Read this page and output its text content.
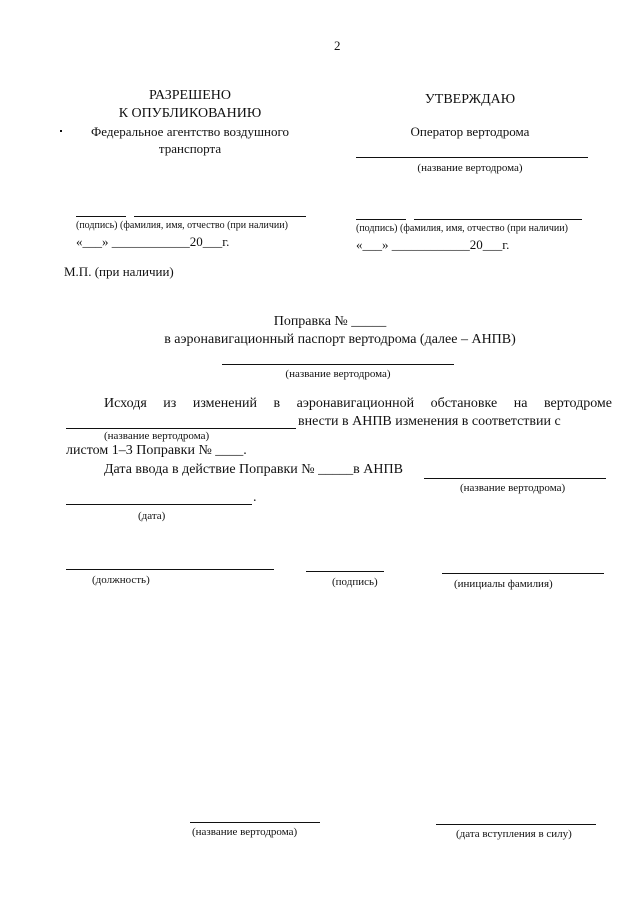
2
РАЗРЕШЕНО
К ОПУБЛИКОВАНИЮ
Федеральное агентство воздушного
транспорта
(подпись) (фамилия, имя, отчество (при наличии)
«___» ____________20___г.
УТВЕРЖДАЮ
Оператор вертодрома
(название вертодрома)
(подпись) (фамилия, имя, отчество (при наличии)
«___» ____________20___г.
М.П. (при наличии)
Поправка № _____
в аэронавигационный паспорт вертодрома (далее – АНПВ)
(название вертодрома)
Исходя из изменений в аэронавигационной обстановке на вертодроме
внести в АНПВ изменения в соответствии с
(название вертодрома)
листом 1–3 Поправки № ____.
Дата ввода в действие Поправки № _____в АНПВ
(название вертодрома)
.
(дата)
(должность)	(подпись)	(инициалы фамилия)
(название вертодрома)	(дата вступления в силу)
